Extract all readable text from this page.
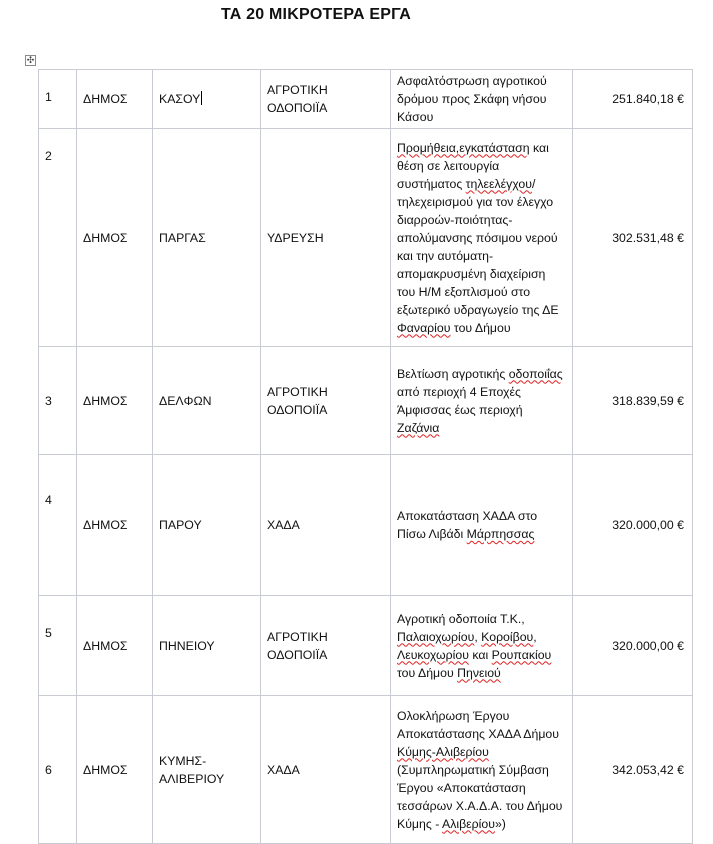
ΤΑ 20 ΜΙΚΡΟΤΕΡΑ ΕΡΓΑ
✣
1	ΔΗΜΟΣ	ΚΑΣΟΥ	ΑΓΡΟΤΙΚΗ ΟΔΟΠΟΙΪΑ	Ασφαλτόστρωση αγροτικού δρόμου προς Σκάφη νήσου Κάσου	251.840,18 €
2	ΔΗΜΟΣ	ΠΑΡΓΑΣ	ΥΔΡΕΥΣΗ	Προμήθεια,εγκατάσταση και θέση σε λειτουργία συστήματος τηλεελέγχου/τηλεχειρισμού για τον έλεγχο διαρροών-ποιότητας-απολύμανσης πόσιμου νερού και την αυτόματη-απομακρυσμένη διαχείριση του Η/Μ εξοπλισμού στο εξωτερικό υδραγωγείο της ΔΕ Φαναρίου του Δήμου	302.531,48 €
3	ΔΗΜΟΣ	ΔΕΛΦΩΝ	ΑΓΡΟΤΙΚΗ ΟΔΟΠΟΙΪΑ	Βελτίωση αγροτικής οδοποιΐας από περιοχή 4 Εποχές Άμφισσας έως περιοχή Ζαζάνια	318.839,59 €
4	ΔΗΜΟΣ	ΠΑΡΟΥ	ΧΑΔΑ	Αποκατάσταση ΧΑΔΑ στο Πίσω Λιβάδι Μάρπησσας	320.000,00 €
5	ΔΗΜΟΣ	ΠΗΝΕΙΟΥ	ΑΓΡΟΤΙΚΗ ΟΔΟΠΟΙΪΑ	Αγροτική οδοποιία Τ.Κ., Παλαιοχωρίου, Κοροίβου, Λευκοχωρίου και Ρουπακίου του Δήμου Πηνειού	320.000,00 €
6	ΔΗΜΟΣ	ΚΥΜΗΣ-ΑΛΙΒΕΡΙΟΥ	ΧΑΔΑ	Ολοκλήρωση Έργου Αποκατάστασης ΧΑΔΑ Δήμου Κύμης-Αλιβερίου (Συμπληρωματική Σύμβαση Έργου «Αποκατάσταση τεσσάρων Χ.Α.Δ.Α. του Δήμου Κύμης - Αλιβερίου»)	342.053,42 €
